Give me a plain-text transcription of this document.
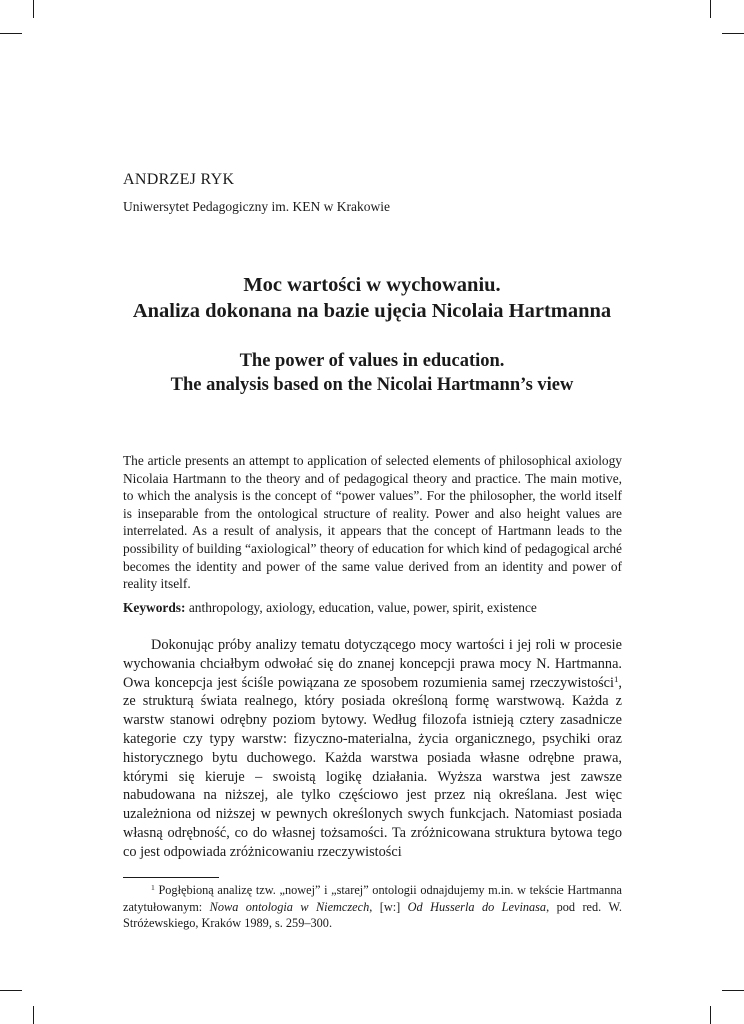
ANDRZEJ RYK
Uniwersytet Pedagogiczny im. KEN w Krakowie
Moc wartości w wychowaniu.
Analiza dokonana na bazie ujęcia Nicolaia Hartmanna
The power of values in education.
The analysis based on the Nicolai Hartmann’s view
The article presents an attempt to application of selected elements of philosophical axiology Nicolaia Hartmann to the theory and of pedagogical theory and practice. The main motive, to which the analysis is the concept of “power values”. For the philosopher, the world itself is inseparable from the ontological structure of reality. Power and also height values are interrelated. As a result of analysis, it appears that the concept of Hartmann leads to the possibility of building “axiological” theory of education for which kind of pedagogical arché becomes the identity and power of the same value derived from an identity and power of reality itself.
Keywords: anthropology, axiology, education, value, power, spirit, existence

Dokonując próby analizy tematu dotyczącego mocy wartości i jej roli w procesie wychowania chciałbym odwołać się do znanej koncepcji prawa mocy N. Hartmanna. Owa koncepcja jest ściśle powiązana ze sposobem rozumienia samej rzeczywistości$^1$, ze strukturą świata realnego, który posiada określoną formę warstwową. Każda z warstw stanowi odrębny poziom bytowy. Według filozofa istnieją cztery zasadnicze kategorie czy typy warstw: fizyczno-materialna, życia organicznego, psychiki oraz historycznego bytu duchowego. Każda warstwa posiada własne odrębne prawa, którymi się kieruje – swoistą logikę działania. Wyższa warstwa jest zawsze nabudowana na niższej, ale tylko częściowo jest przez nią określana. Jest więc uzależniona od niższej w pewnych określonych swych funkcjach. Natomiast posiada własną odrębność, co do własnej tożsamości. Ta zróżnicowana struktura bytowa tego co jest odpowiada zróżnicowaniu rzeczywistości

$^1$ Pogłębioną analizę tzw. „nowej” i „starej” ontologii odnajdujemy m.in. w tekście Hartmanna zatytułowanym: Nowa ontologia w Niemczech, [w:] Od Husserla do Levinasa, pod red. W. Stróżewskiego, Kraków 1989, s. 259–300.
